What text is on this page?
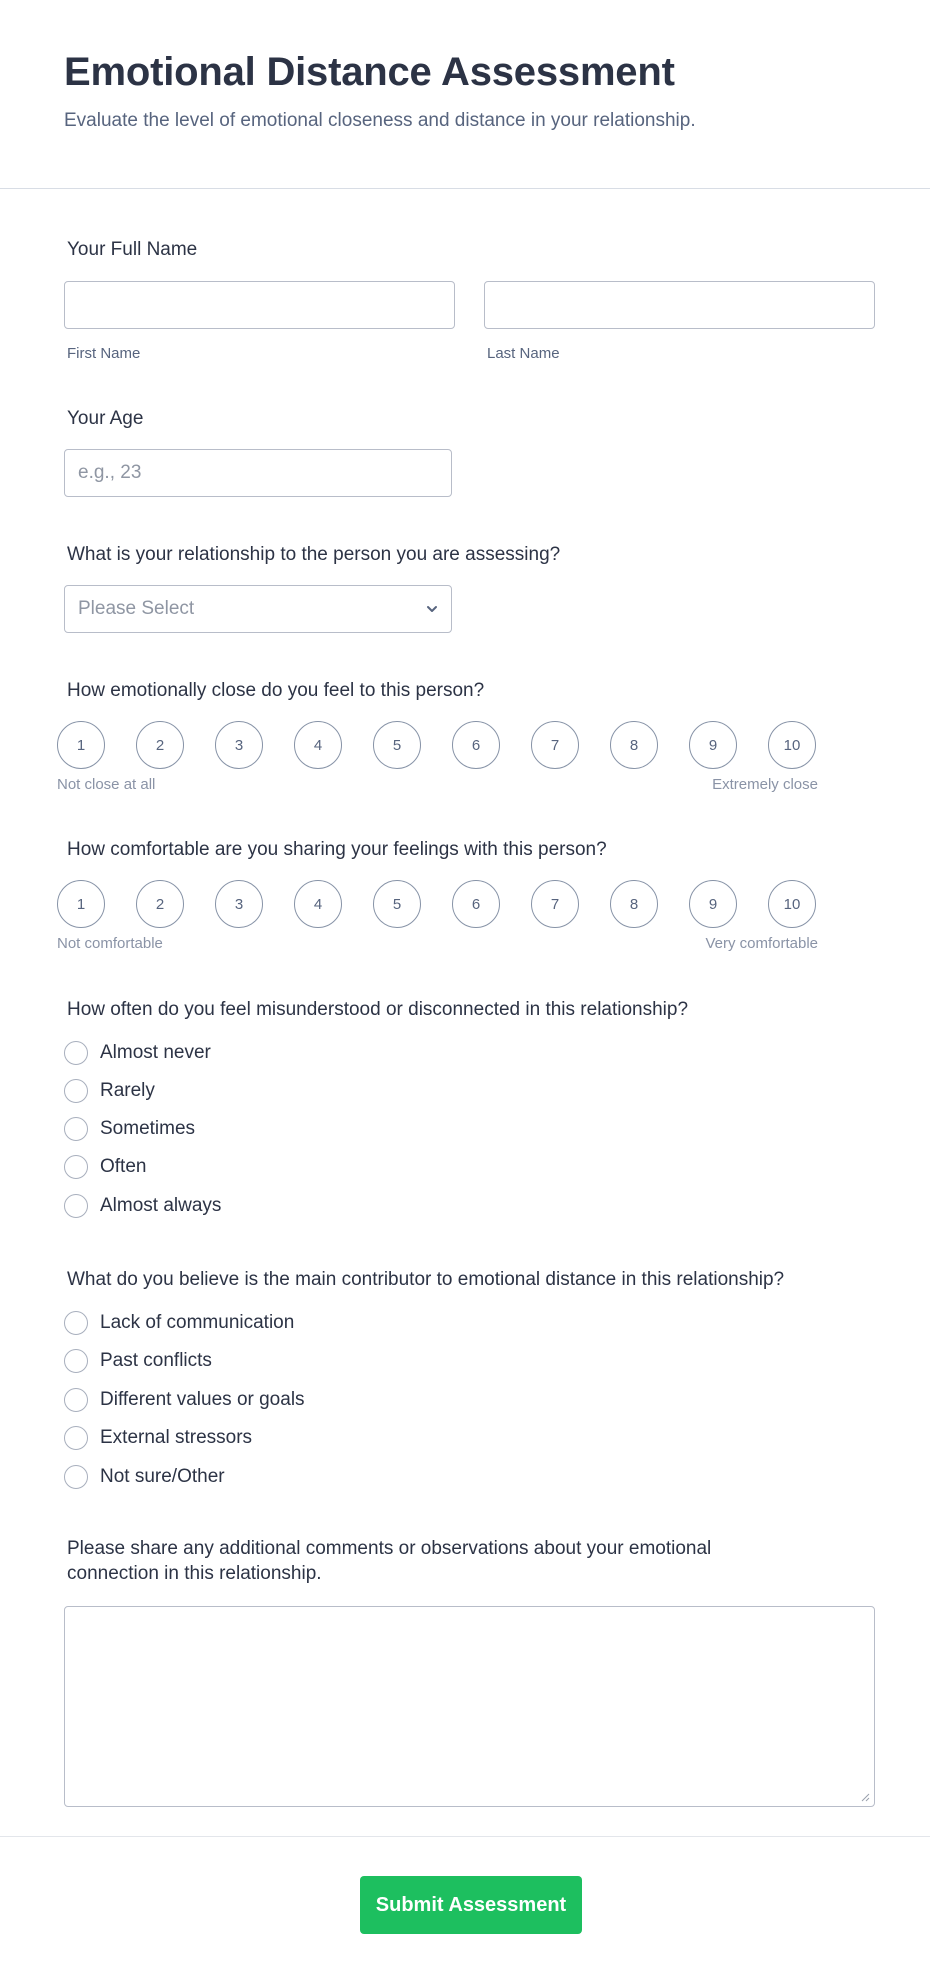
Emotional Distance Assessment
Evaluate the level of emotional closeness and distance in your relationship.
Your Full Name
First Name	Last Name
Your Age
e.g., 23
What is your relationship to the person you are assessing?
Please Select
How emotionally close do you feel to this person?
1	2	3	4	5	6	7	8	9	10
Not close at all	Extremely close
How comfortable are you sharing your feelings with this person?
1	2	3	4	5	6	7	8	9	10
Not comfortable	Very comfortable
How often do you feel misunderstood or disconnected in this relationship?
Almost never
Rarely
Sometimes
Often
Almost always
What do you believe is the main contributor to emotional distance in this relationship?
Lack of communication
Past conflicts
Different values or goals
External stressors
Not sure/Other
Please share any additional comments or observations about your emotional
connection in this relationship.
Submit Assessment
